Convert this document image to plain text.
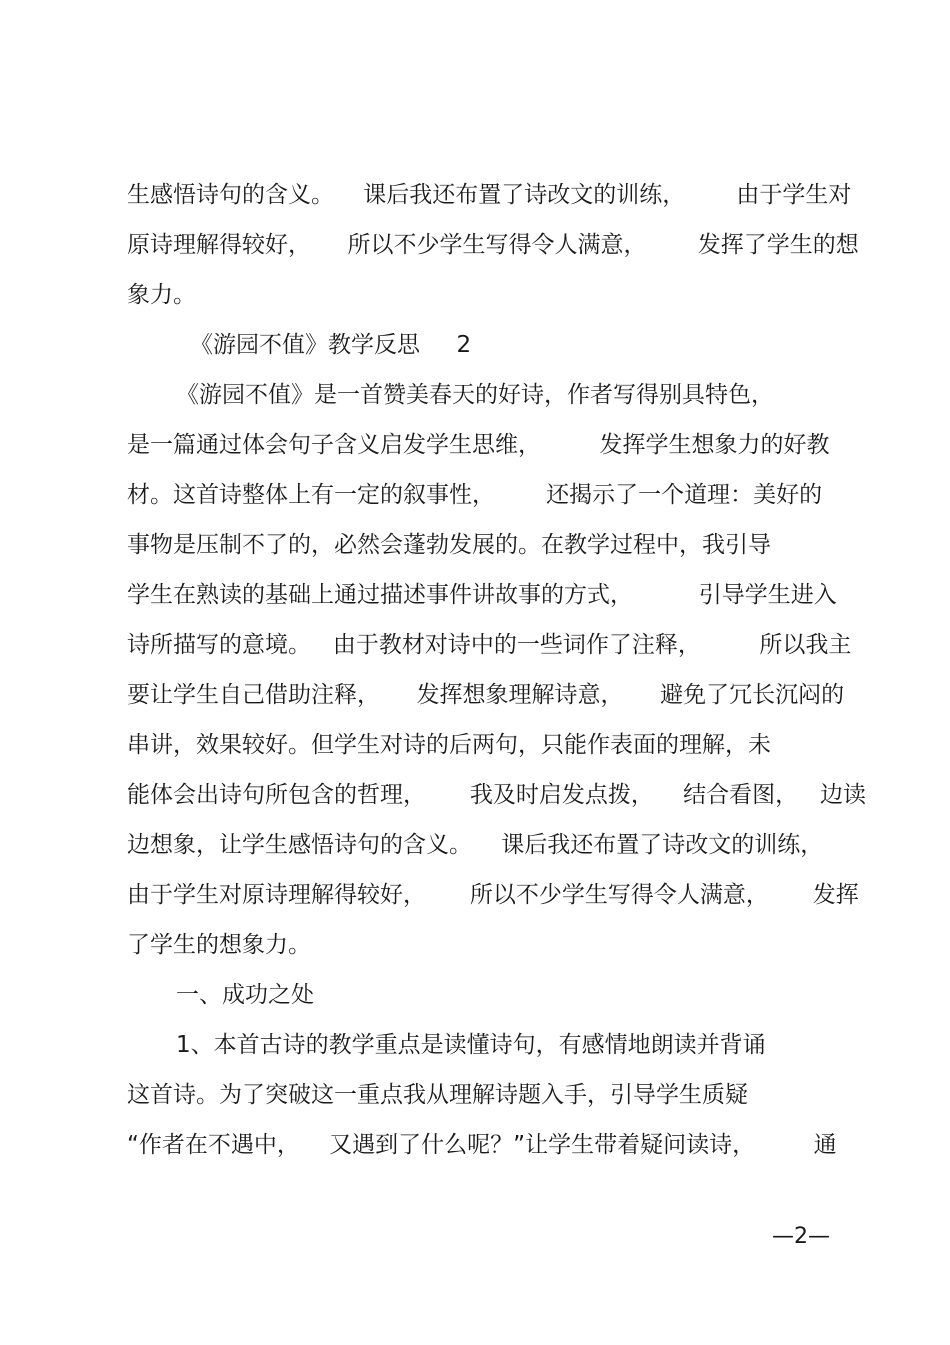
生感悟诗句的含义。    课后我还布置了诗改文的训练，       由于学生对
原诗理解得较好，     所以不少学生写得令人满意，       发挥了学生的想
象力。
《游园不值》教学反思     2
《游园不值》是一首赞美春天的好诗，作者写得别具特色，
是一篇通过体会句子含义启发学生思维，        发挥学生想象力的好教
材。这首诗整体上有一定的叙事性，       还揭示了一个道理：美好的
事物是压制不了的，必然会蓬勃发展的。在教学过程中，我引导
学生在熟读的基础上通过描述事件讲故事的方式，         引导学生进入
诗所描写的意境。   由于教材对诗中的一些词作了注释，        所以我主
要让学生自己借助注释，     发挥想象理解诗意，     避免了冗长沉闷的
串讲，效果较好。但学生对诗的后两句，只能作表面的理解，未
能体会出诗句所包含的哲理，      我及时启发点拨，    结合看图，   边读
边想象，让学生感悟诗句的含义。    课后我还布置了诗改文的训练，
由于学生对原诗理解得较好，      所以不少学生写得令人满意，      发挥
了学生的想象力。
一、成功之处
1、本首古诗的教学重点是读懂诗句，有感情地朗读并背诵
这首诗。为了突破这一重点我从理解诗题入手，引导学生质疑
“作者在不遇中，    又遇到了什么呢？”让学生带着疑问读诗，        通
—2—
